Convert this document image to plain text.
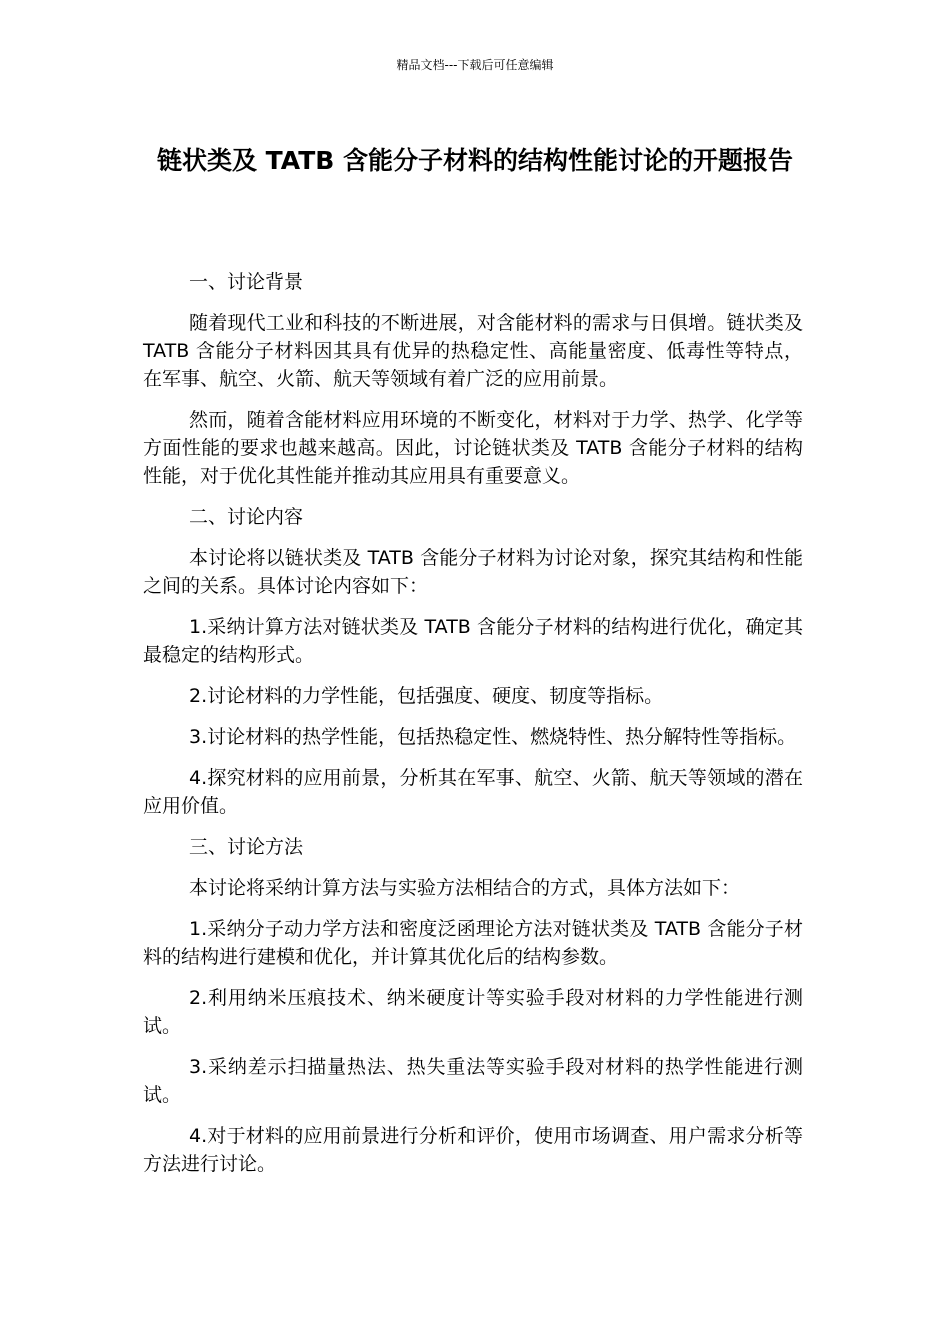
精品文档---下载后可任意编辑
链状类及 TATB 含能分子材料的结构性能讨论的开题报告
一、讨论背景

随着现代工业和科技的不断进展，对含能材料的需求与日俱增。链状类及 TATB 含能分子材料因其具有优异的热稳定性、高能量密度、低毒性等特点，在军事、航空、火箭、航天等领域有着广泛的应用前景。

然而，随着含能材料应用环境的不断变化，材料对于力学、热学、化学等方面性能的要求也越来越高。因此，讨论链状类及 TATB 含能分子材料的结构性能，对于优化其性能并推动其应用具有重要意义。

二、讨论内容

本讨论将以链状类及 TATB 含能分子材料为讨论对象，探究其结构和性能之间的关系。具体讨论内容如下：

1.采纳计算方法对链状类及 TATB 含能分子材料的结构进行优化，确定其最稳定的结构形式。

2.讨论材料的力学性能，包括强度、硬度、韧度等指标。

3.讨论材料的热学性能，包括热稳定性、燃烧特性、热分解特性等指标。

4.探究材料的应用前景，分析其在军事、航空、火箭、航天等领域的潜在应用价值。

三、讨论方法

本讨论将采纳计算方法与实验方法相结合的方式，具体方法如下：

1.采纳分子动力学方法和密度泛函理论方法对链状类及 TATB 含能分子材料的结构进行建模和优化，并计算其优化后的结构参数。

2.利用纳米压痕技术、纳米硬度计等实验手段对材料的力学性能进行测试。

3.采纳差示扫描量热法、热失重法等实验手段对材料的热学性能进行测试。

4.对于材料的应用前景进行分析和评价，使用市场调查、用户需求分析等方法进行讨论。
